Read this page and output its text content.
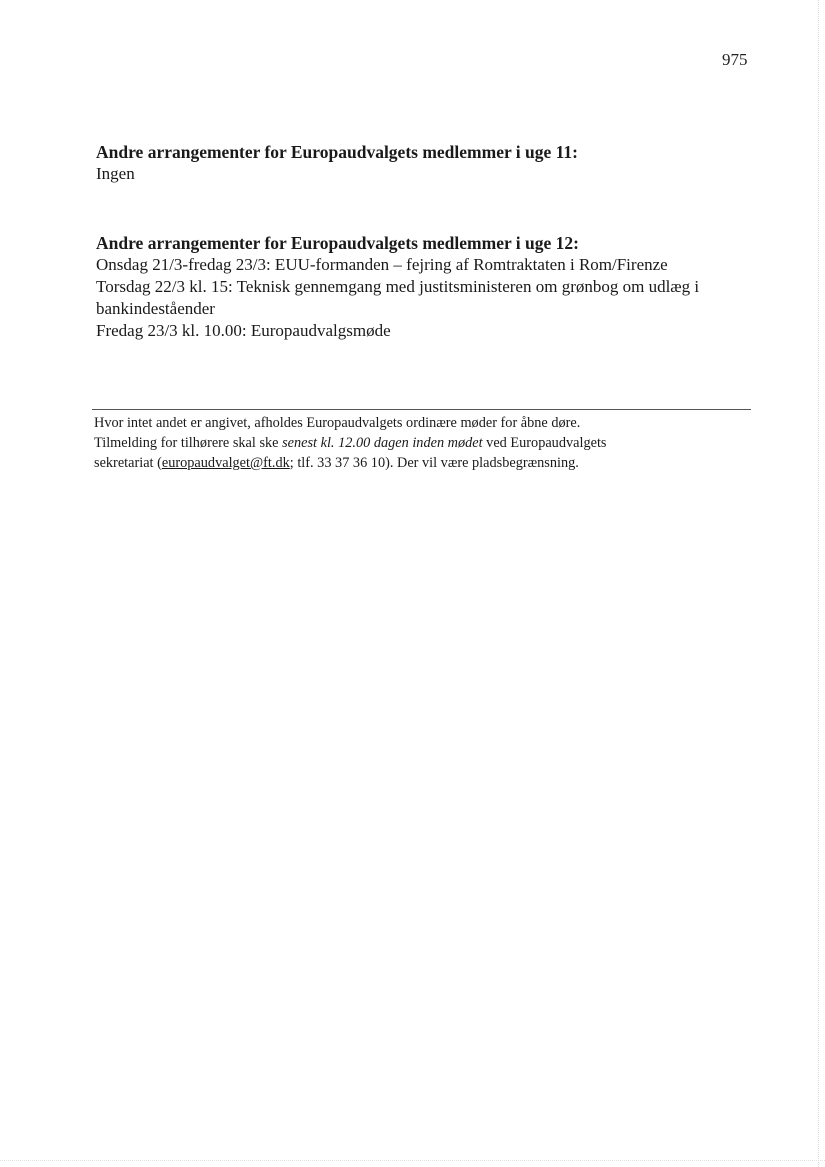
975

Andre arrangementer for Europaudvalgets medlemmer i uge 11:

Ingen

Andre arrangementer for Europaudvalgets medlemmer i uge 12:

Onsdag 21/3-fredag 23/3: EUU-formanden – fejring af Romtraktaten i Rom/Firenze

Torsdag 22/3 kl. 15: Teknisk gennemgang med justitsministeren om grønbog om udlæg i bankindeståender

Fredag 23/3 kl. 10.00: Europaudvalgsmøde

Hvor intet andet er angivet, afholdes Europaudvalgets ordinære møder for åbne døre.

Tilmelding for tilhørere skal ske senest kl. 12.00 dagen inden mødet ved Europaudvalgets

sekretariat (europaudvalget@ft.dk; tlf. 33 37 36 10). Der vil være pladsbegrænsning.
